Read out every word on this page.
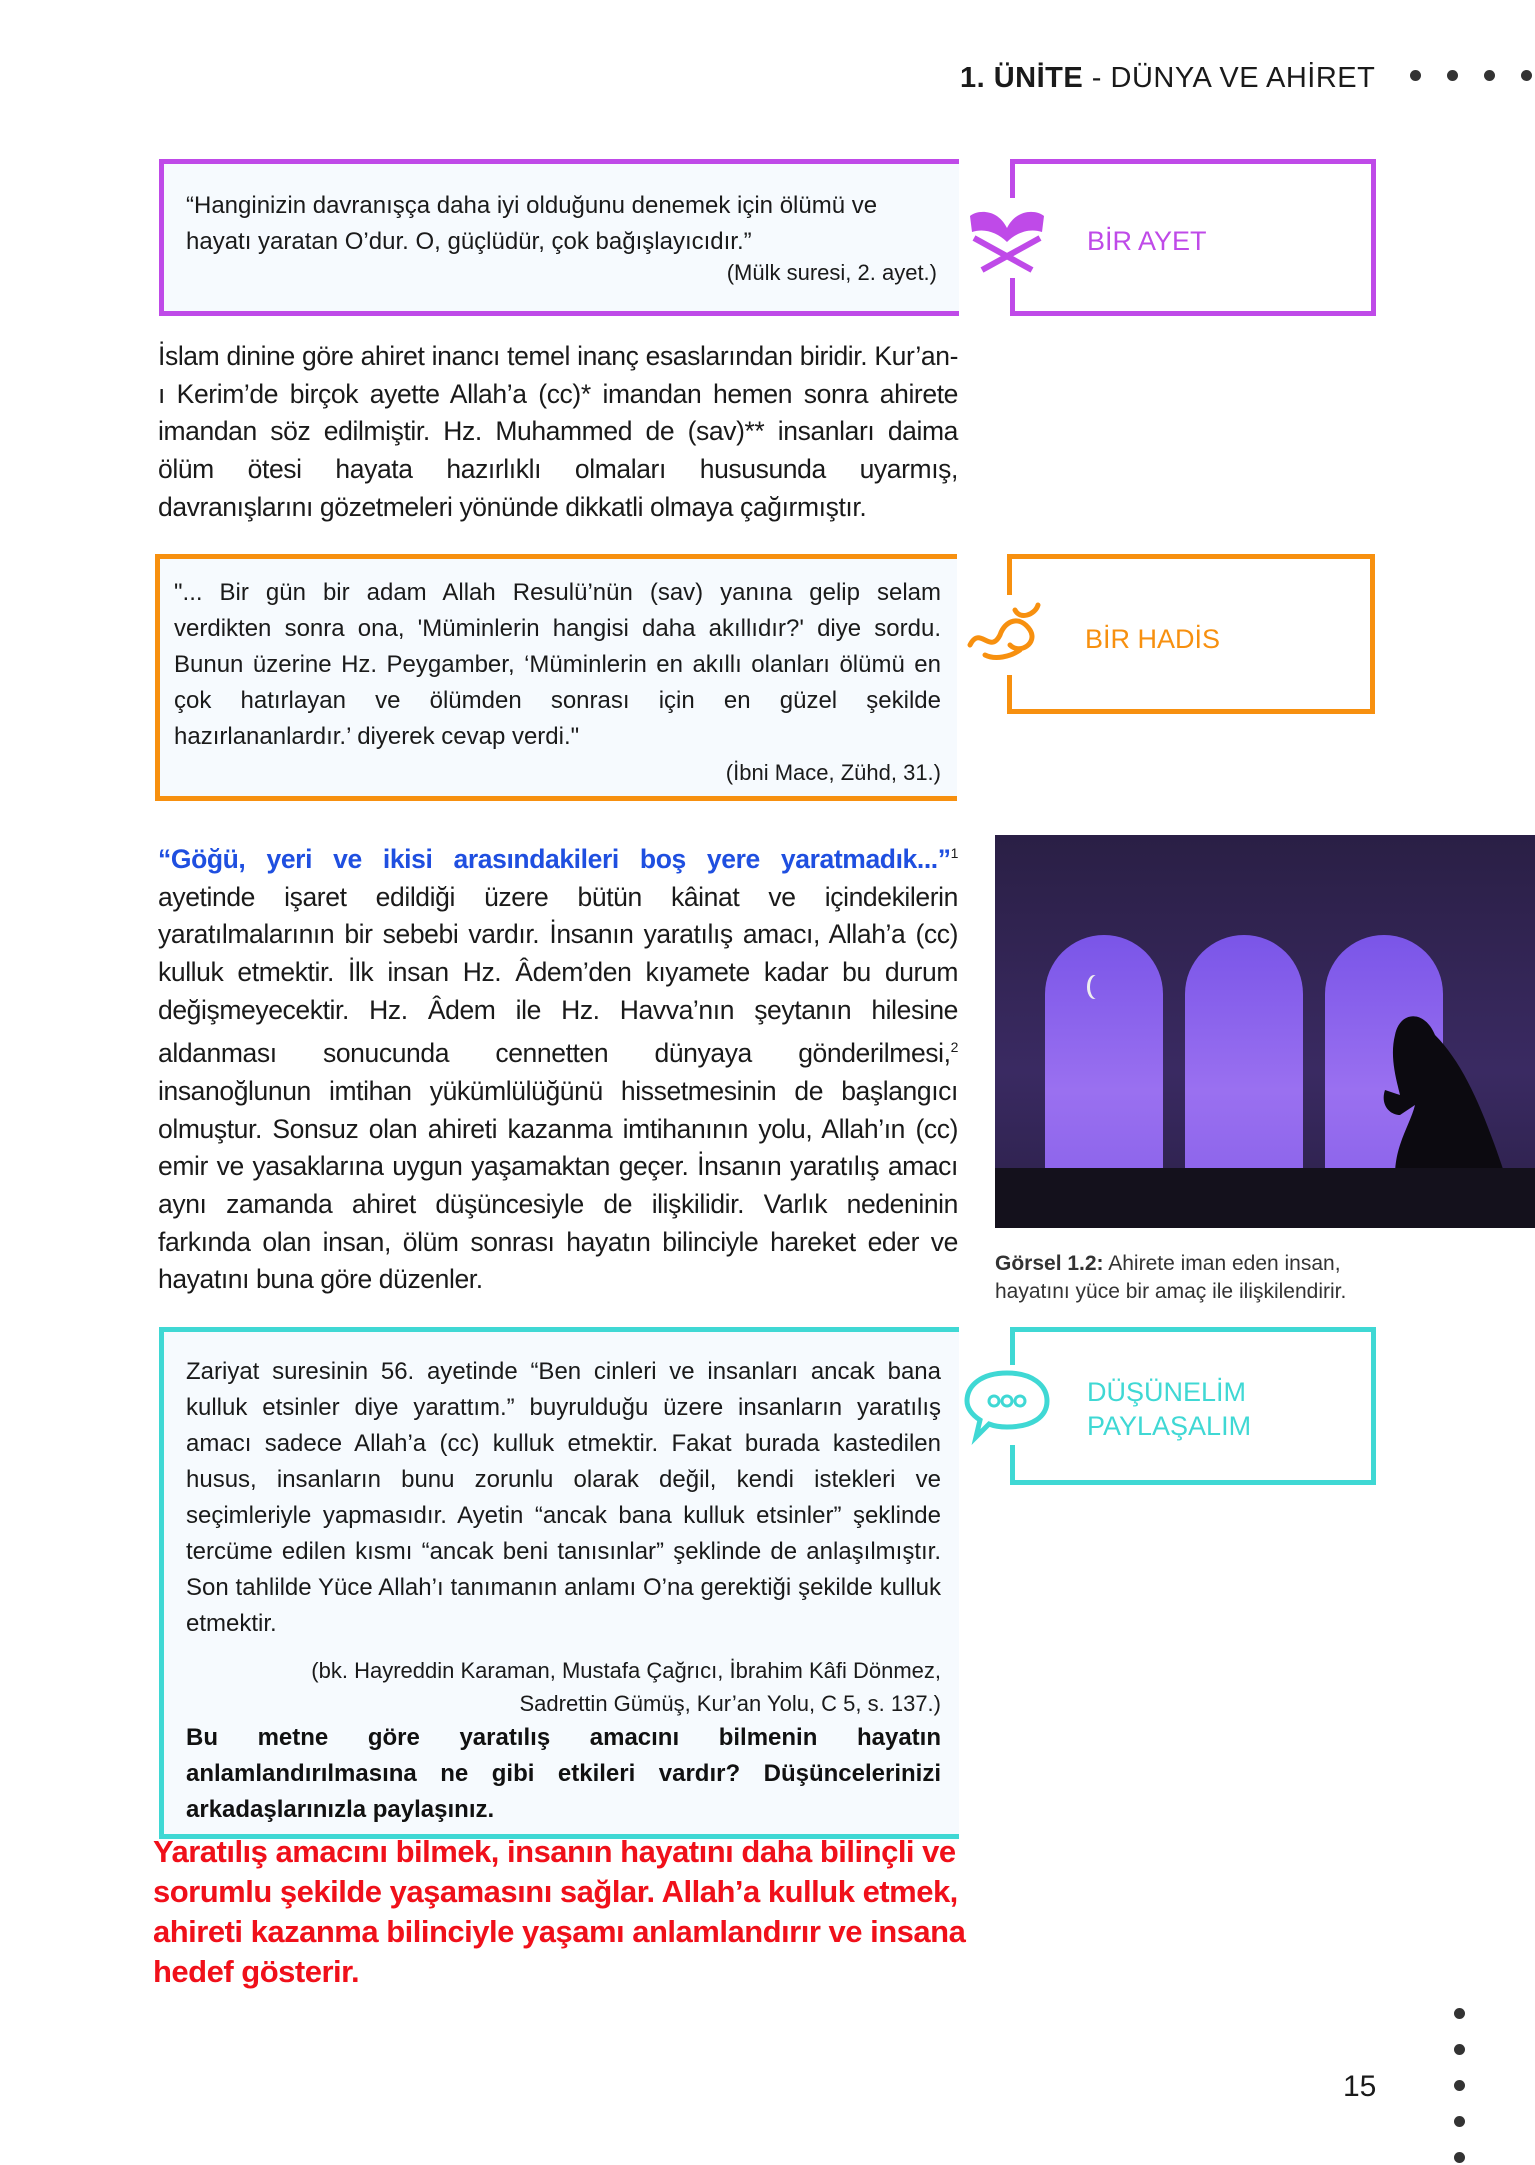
1. ÜNİTE - DÜNYA VE AHİRET
“Hanginizin davranışça daha iyi olduğunu denemek için ölümü ve hayatı yaratan O’dur. O, güçlüdür, çok bağışlayıcıdır.”
(Mülk suresi, 2. ayet.)
BİR AYET
İslam dinine göre ahiret inancı temel inanç esaslarından biridir. Kur’an-ı Kerim’de birçok ayette Allah’a (cc)* imandan hemen sonra ahirete imandan söz edilmiştir. Hz. Muhammed de (sav)** insanları daima ölüm ötesi hayata hazırlıklı olmaları hususunda uyarmış, davranışlarını gözetmeleri yönünde dikkatli olmaya çağırmıştır.
"... Bir gün bir adam Allah Resulü’nün (sav) yanına gelip selam verdikten sonra ona, 'Müminlerin hangisi daha akıllıdır?' diye sordu. Bunun üzerine Hz. Peygamber, ‘Müminlerin en akıllı olanları ölümü en çok hatırlayan ve ölümden sonrası için en güzel şekilde hazırlananlardır.’ diyerek cevap verdi."
(İbni Mace, Zühd, 31.)
BİR HADİS
“Göğü, yeri ve ikisi arasındakileri boş yere yaratmadık...”$^1$ ayetinde işaret edildiği üzere bütün kâinat ve içindekilerin yaratılmalarının bir sebebi vardır. İnsanın yaratılış amacı, Allah’a (cc) kulluk etmektir. İlk insan Hz. Âdem’den kıyamete kadar bu durum değişmeyecektir. Hz. Âdem ile Hz. Havva’nın şeytanın hilesine aldanması sonucunda cennetten dünyaya gönderilmesi,$^2$ insanoğlunun imtihan yükümlülüğünü hissetmesinin de başlangıcı olmuştur. Sonsuz olan ahireti kazanma imtihanının yolu, Allah’ın (cc) emir ve yasaklarına uygun yaşamaktan geçer. İnsanın yaratılış amacı aynı zamanda ahiret düşüncesiyle de ilişkilidir. Varlık nedeninin farkında olan insan, ölüm sonrası hayatın bilinciyle hareket eder ve hayatını buna göre düzenler.
Görsel 1.2: Ahirete iman eden insan,
hayatını yüce bir amaç ile ilişkilendirir.
Zariyat suresinin 56. ayetinde “Ben cinleri ve insanları ancak bana kulluk etsinler diye yarattım.” buyrulduğu üzere insanların yaratılış amacı sadece Allah’a (cc) kulluk etmektir. Fakat burada kastedilen husus, insanların bunu zorunlu olarak değil, kendi istekleri ve seçimleriyle yapmasıdır. Ayetin “ancak bana kulluk etsinler” şeklinde tercüme edilen kısmı “ancak beni tanısınlar” şeklinde de anlaşılmıştır. Son tahlilde Yüce Allah’ı tanımanın anlamı O’na gerektiği şekilde kulluk etmektir.
(bk. Hayreddin Karaman, Mustafa Çağrıcı, İbrahim Kâfi Dönmez,
Sadrettin Gümüş, Kur’an Yolu, C 5, s. 137.)
Bu metne göre yaratılış amacını bilmenin hayatın anlamlandırılmasına ne gibi etkileri vardır? Düşüncelerinizi arkadaşlarınızla paylaşınız.
DÜŞÜNELİM
PAYLAŞALIM
Yaratılış amacını bilmek, insanın hayatını daha bilinçli ve sorumlu şekilde yaşamasını sağlar. Allah’a kulluk etmek, ahireti kazanma bilinciyle yaşamı anlamlandırır ve insana hedef gösterir.
15
